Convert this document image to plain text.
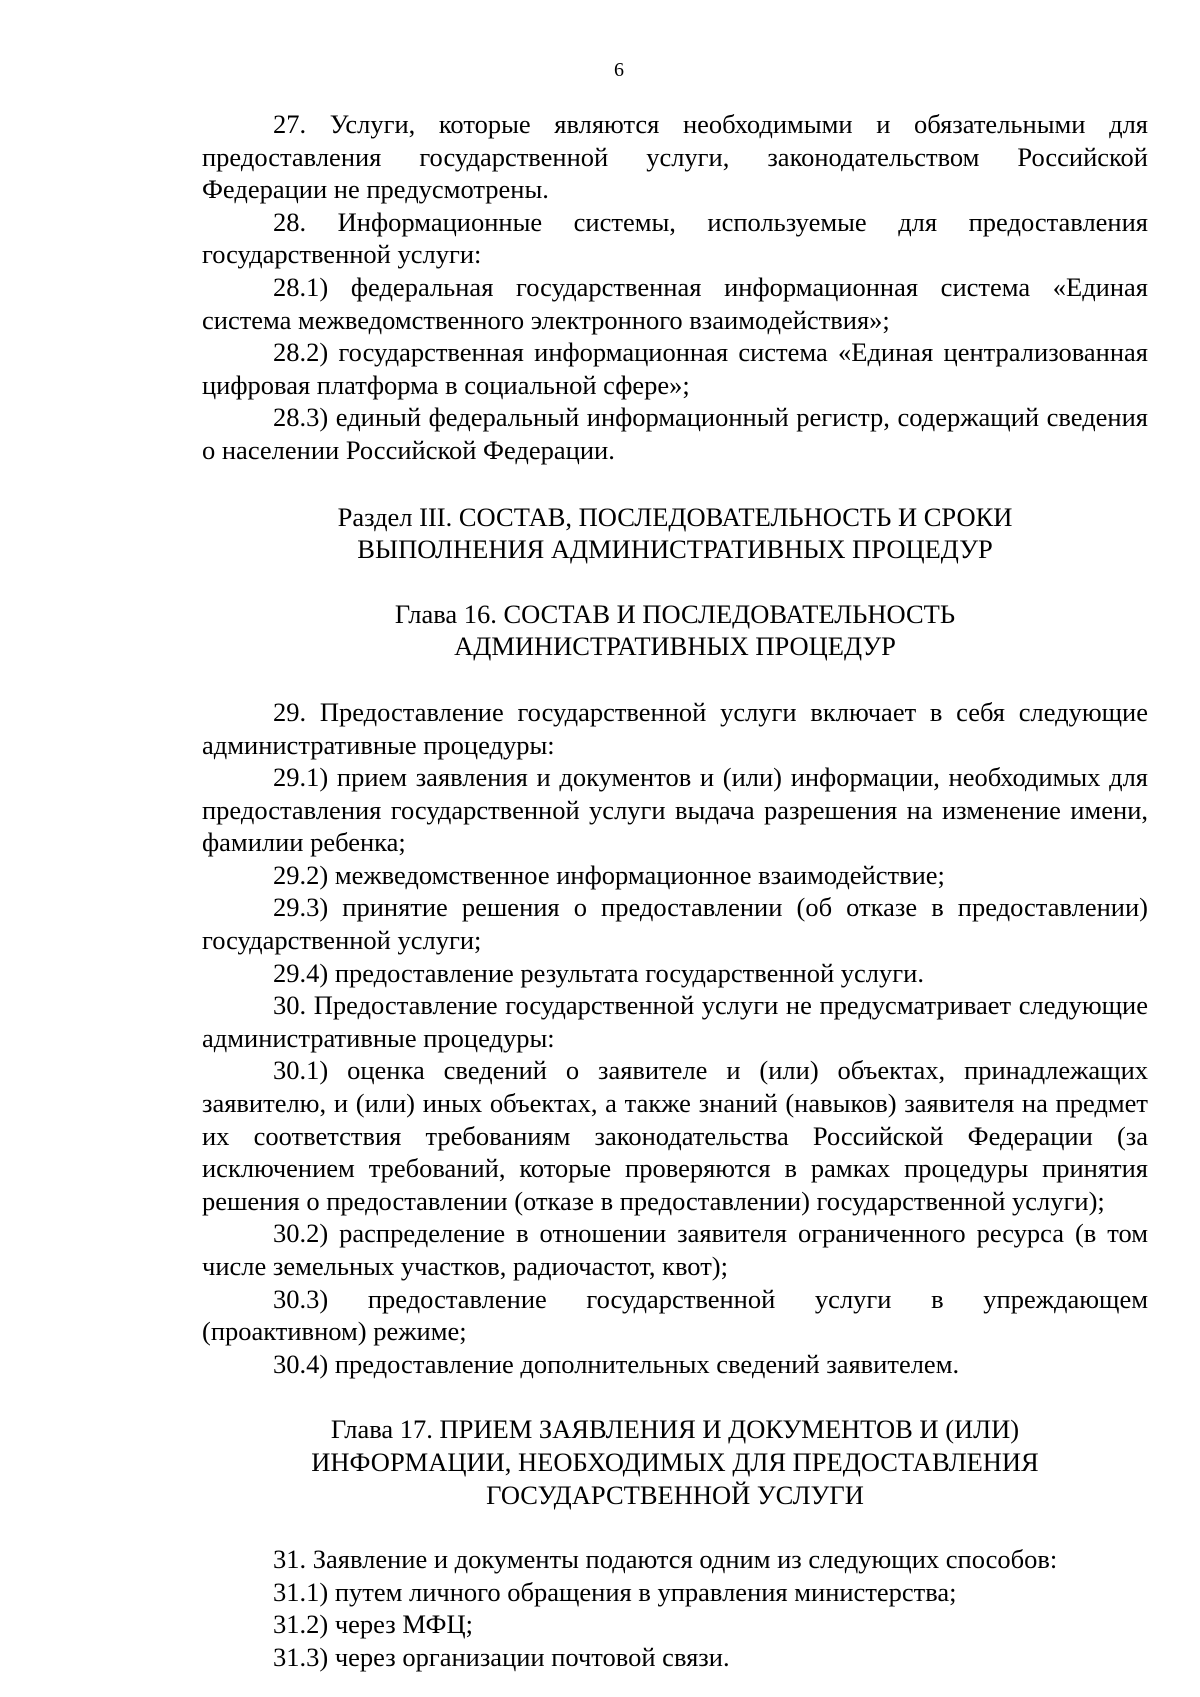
6

27. Услуги, которые являются необходимыми и обязательными для предоставления государственной услуги, законодательством Российской Федерации не предусмотрены.

28. Информационные системы, используемые для предоставления государственной услуги:

28.1) федеральная государственная информационная система «Единая система межведомственного электронного взаимодействия»;

28.2) государственная информационная система «Единая централизованная цифровая платформа в социальной сфере»;

28.3) единый федеральный информационный регистр, содержащий сведения о населении Российской Федерации.

Раздел III. СОСТАВ, ПОСЛЕДОВАТЕЛЬНОСТЬ И СРОКИ
ВЫПОЛНЕНИЯ АДМИНИСТРАТИВНЫХ ПРОЦЕДУР
Глава 16. СОСТАВ И ПОСЛЕДОВАТЕЛЬНОСТЬ
АДМИНИСТРАТИВНЫХ ПРОЦЕДУР

29. Предоставление государственной услуги включает в себя следующие административные процедуры:

29.1) прием заявления и документов и (или) информации, необходимых для предоставления государственной услуги выдача разрешения на изменение имени, фамилии ребенка;

29.2) межведомственное информационное взаимодействие;

29.3) принятие решения о предоставлении (об отказе в предоставлении) государственной услуги;

29.4) предоставление результата государственной услуги.

30. Предоставление государственной услуги не предусматривает следующие административные процедуры:

30.1) оценка сведений о заявителе и (или) объектах, принадлежащих заявителю, и (или) иных объектах, а также знаний (навыков) заявителя на предмет их соответствия требованиям законодательства Российской Федерации (за исключением требований, которые проверяются в рамках процедуры принятия решения о предоставлении (отказе в предоставлении) государственной услуги);

30.2) распределение в отношении заявителя ограниченного ресурса (в том числе земельных участков, радиочастот, квот);

30.3) предоставление государственной услуги в упреждающем (проактивном) режиме;

30.4) предоставление дополнительных сведений заявителем.

Глава 17. ПРИЕМ ЗАЯВЛЕНИЯ И ДОКУМЕНТОВ И (ИЛИ)
ИНФОРМАЦИИ, НЕОБХОДИМЫХ ДЛЯ ПРЕДОСТАВЛЕНИЯ
ГОСУДАРСТВЕННОЙ УСЛУГИ

31. Заявление и документы подаются одним из следующих способов:

31.1) путем личного обращения в управления министерства;

31.2) через МФЦ;

31.3) через организации почтовой связи.
